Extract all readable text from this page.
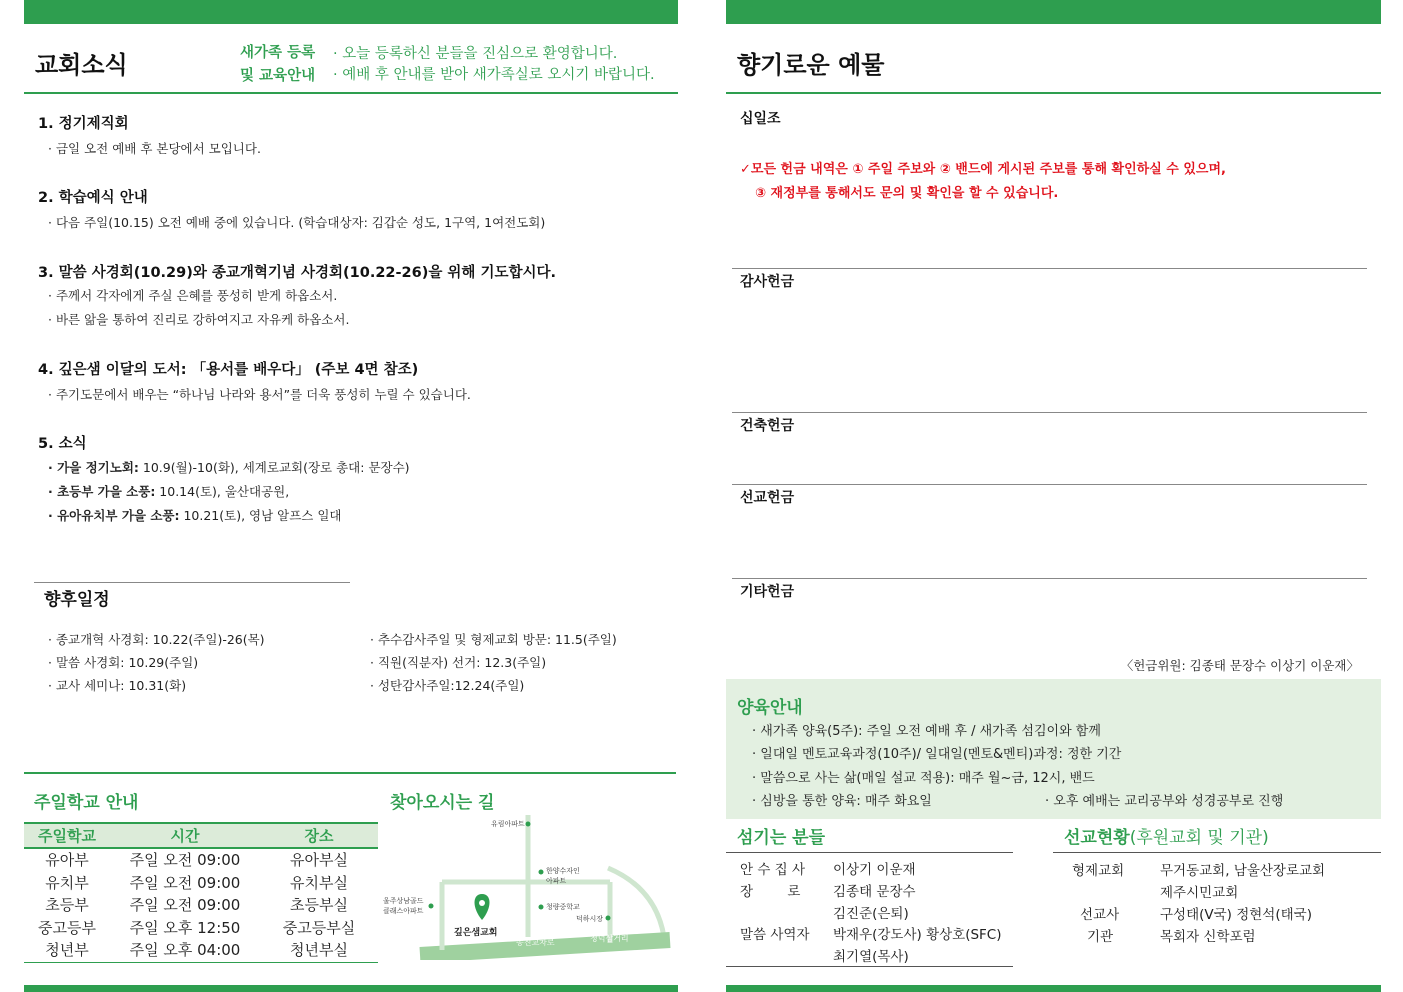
교회소식	새가족 등록
및 교육안내
· 오늘 등록하신 분들을 진심으로 환영합니다.
· 예배 후 안내를 받아 새가족실로 오시기 바랍니다.
1. 정기제직회
· 금일 오전 예배 후 본당에서 모입니다.
2. 학습예식 안내
· 다음 주일(10.15) 오전 예배 중에 있습니다. (학습대상자: 김갑순 성도, 1구역, 1여전도회)
3. 말씀 사경회(10.29)와 종교개혁기념 사경회(10.22-26)을 위해 기도합시다.
· 주께서 각자에게 주실 은혜를 풍성히 받게 하옵소서.
· 바른 앎을 통하여 진리로 강하여지고 자유케 하옵소서.
4. 깊은샘 이달의 도서: 「용서를 배우다」 (주보 4면 참조)
· 주기도문에서 배우는 “하나님 나라와 용서”를 더욱 풍성히 누릴 수 있습니다.
5. 소식
· 가을 정기노회: 10.9(월)-10(화), 세계로교회(장로 총대: 문장수)
· 초등부 가을 소풍: 10.14(토), 울산대공원,
· 유아유치부 가을 소풍: 10.21(토), 영남 알프스 일대
향후일정
· 종교개혁 사경회: 10.22(주일)-26(목)
· 말씀 사경회: 10.29(주일)
· 교사 세미나: 10.31(화)
· 추수감사주일 및 형제교회 방문: 11.5(주일)
· 직원(직분자) 선거: 12.3(주일)
· 성탄감사주일:12.24(주일)
주일학교 안내
주일학교	시간	장소
유아부	주일 오전 09:00	유아부실
유치부	주일 오전 09:00	유치부실
초등부	주일 오전 09:00	초등부실
중고등부	주일 오후 12:50	중고등부실
청년부	주일 오후 04:00	청년부실
찾아오시는 길
유림아파트
한양수자인
아파트
울주상남골드
클래스아파트	청량중학교
덕하시장
깊은샘교회
송진교차로	청덕삼거리
향기로운 예물
십일조
✓모든 헌금 내역은 ① 주일 주보와 ② 밴드에 게시된 주보를 통해 확인하실 수 있으며,
③ 재정부를 통해서도 문의 및 확인을 할 수 있습니다.
감사헌금
건축헌금
선교헌금
기타헌금
〈헌금위원: 김종태 문장수 이상기 이운재〉
양육안내
· 새가족 양육(5주): 주일 오전 예배 후 / 새가족 섬김이와 함께
· 일대일 멘토교육과정(10주)/ 일대일(멘토&멘티)과정: 정한 기간
· 말씀으로 사는 삶(매일 설교 적용): 매주 월~금, 12시, 밴드
· 심방을 통한 양육: 매주 화요일	· 오후 예배는 교리공부와 성경공부로 진행
섬기는 분들
안 수 집 사 이상기 이운재
장        로 김종태 문장수
김진준(은퇴)
말씀 사역자 박재우(강도사) 황상호(SFC)
최기열(목사)
선교현황(후원교회 및 기관)
형제교회	무거동교회, 남울산장로교회
제주시민교회
선교사	구성태(V국) 정현석(태국)
기관	목회자 신학포럼
